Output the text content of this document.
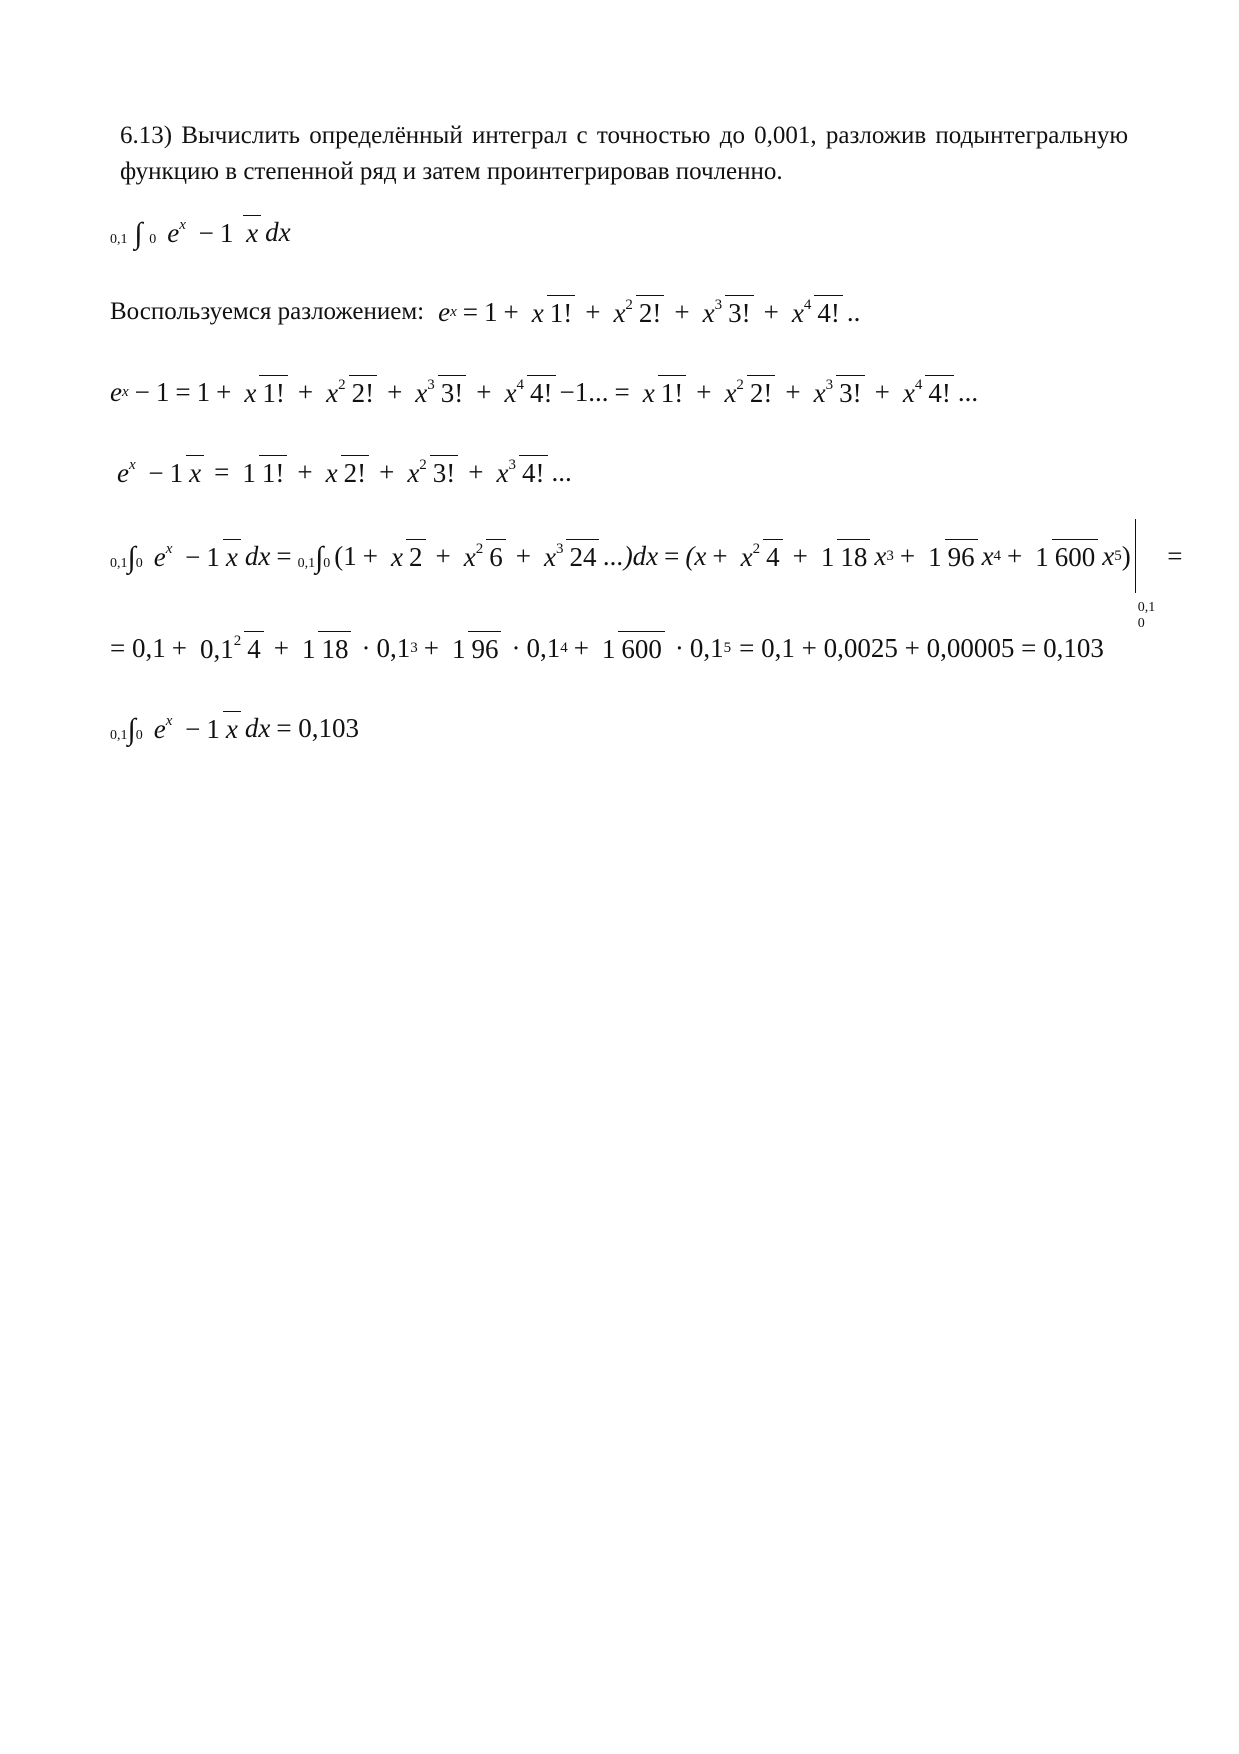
6.13) Вычислить определённый интеграл с точностью до 0,001, разложив подынтегральную функцию в степенной ряд и затем проинтегрировав почленно.
0,1 ∫ 0 ex − 1 x dx
Воспользуемся разложением: e x = 1 + x 1! + x2 2! + x3 3! + x4 4! ..
e x − 1 = 1 + x 1! + x2 2! + x3 3! + x4 4! −1... = x 1! + x2 2! + x3 3! + x4 4! ...
ex − 1 x = 1 1! + x 2! + x2 3! + x3 4! ...
0,1∫0 ex − 1 x dx = 0,1∫0 (1 + x 2 + x2 6 + x3 24 ...)dx = (x + x2 4 + 1 18 x 3 + 1 96 x 4 + 1 600 x 5 )
0,1
0
=
= 0,1 + 0,12 4 + 1 18 · 0,1 3 + 1 96 · 0,1 4 + 1 600 · 0,1 5 = 0,1 + 0,0025 + 0,00005 = 0,103
0,1∫0 ex − 1 x dx = 0,103
